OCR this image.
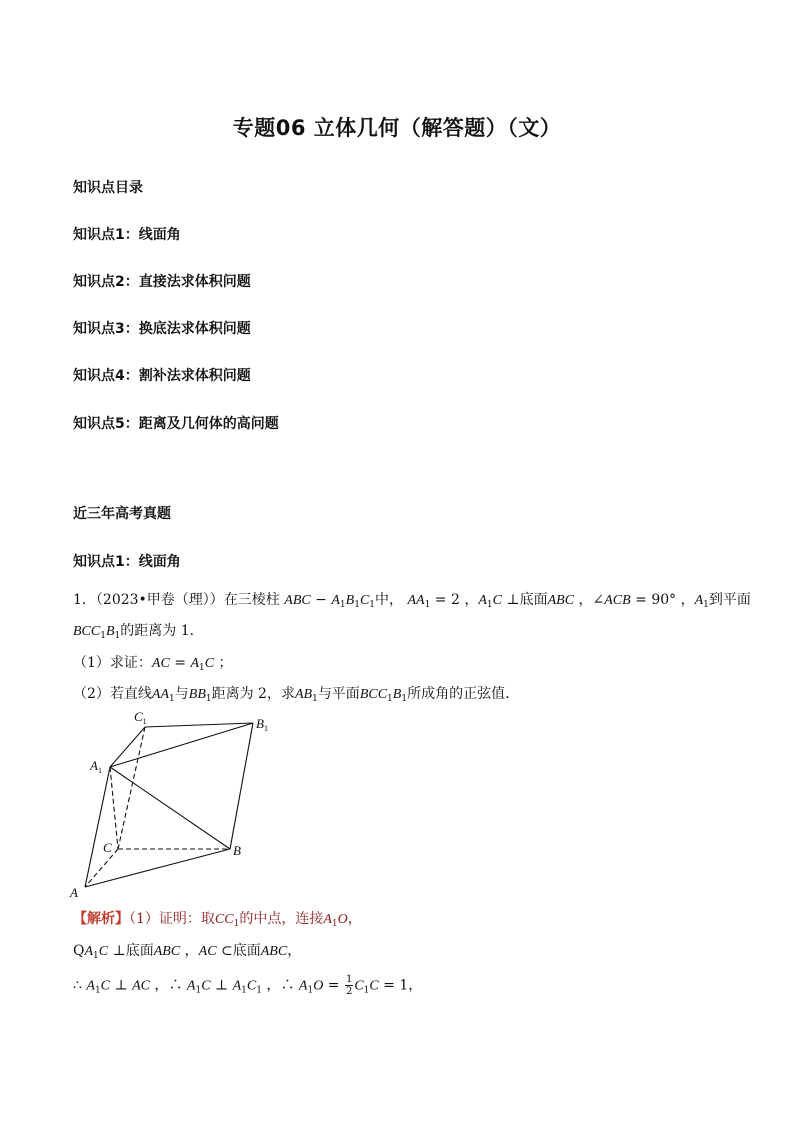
专题06 立体几何（解答题）（文）
知识点目录
知识点1：线面角
知识点2：直接法求体积问题
知识点3：换底法求体积问题
知识点4：割补法求体积问题
知识点5：距离及几何体的高问题
近三年高考真题
知识点1：线面角
1．（2023•甲卷（理））在三棱柱 ABC − $A_1B_1C_1$中， $AA_1 = 2$ ，$A_1C$ ⊥底面ABC ，∠ACB = 90° ，$A_1$到平面
$BCC_1B_1$的距离为 1．
（1）求证：AC = $A_1C$ ；
（2）若直线$AA_1$与$BB_1$距离为 2，求$AB_1$与平面$BCC_1B_1$所成角的正弦值．
$C_1$	$B_1$
$A_1$
C	B
A
【解析】（1）证明：取$CC_1$的中点，连接$A_1O$，
$QA_1C$ ⊥底面ABC ，AC ⊂底面ABC，
∴ $A_1C$ ⊥ AC ，∴ $A_1C$ ⊥ $A_1C_1$ ，∴ $A_1O = \frac{1}{2} C_1C = 1$，
